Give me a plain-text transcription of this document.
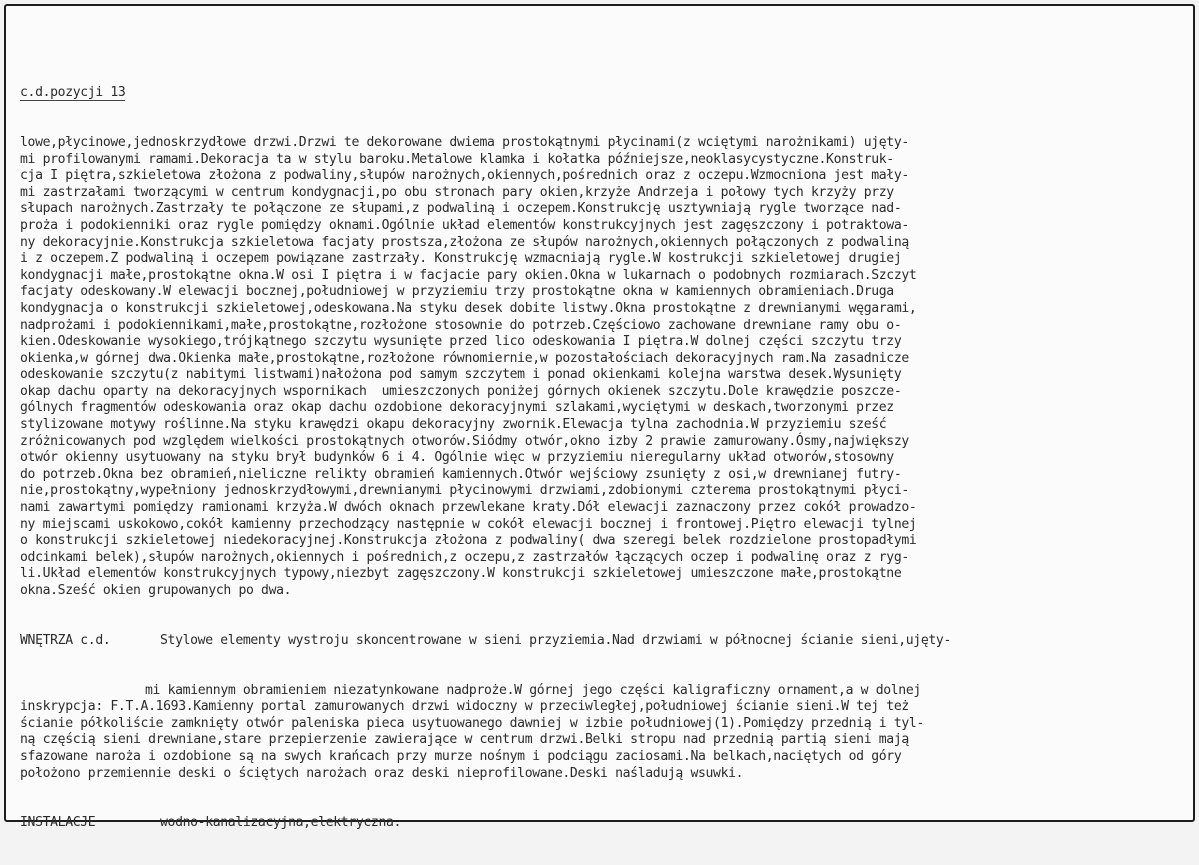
c.d.pozycji 13

lowe,płycinowe,jednoskrzydłowe drzwi.Drzwi te dekorowane dwiema prostokątnymi płycinami(z wciętymi narożnikami) ujęty-
mi profilowanymi ramami.Dekoracja ta w stylu baroku.Metalowe klamka i kołatka późniejsze,neoklasycystyczne.Konstruk-
cja I piętra,szkieletowa złożona z podwaliny,słupów narożnych,okiennych,pośrednich oraz z oczepu.Wzmocniona jest mały-
mi zastrzałami tworzącymi w centrum kondygnacji,po obu stronach pary okien,krzyże Andrzeja i połowy tych krzyży przy
słupach narożnych.Zastrzały te połączone ze słupami,z podwaliną i oczepem.Konstrukcję usztywniają rygle tworzące nad-
proża i podokienniki oraz rygle pomiędzy oknami.Ogólnie układ elementów konstrukcyjnych jest zagęszczony i potraktowa-
ny dekoracyjnie.Konstrukcja szkieletowa facjaty prostsza,złożona ze słupów narożnych,okiennych połączonych z podwaliną
i z oczepem.Z podwaliną i oczepem powiązane zastrzały. Konstrukcję wzmacniają rygle.W kostrukcji szkieletowej drugiej
kondygnacji małe,prostokątne okna.W osi I piętra i w facjacie pary okien.Okna w lukarnach o podobnych rozmiarach.Szczyt
facjaty odeskowany.W elewacji bocznej,południowej w przyziemiu trzy prostokątne okna w kamiennych obramieniach.Druga
kondygnacja o konstrukcji szkieletowej,odeskowana.Na styku desek dobite listwy.Okna prostokątne z drewnianymi węgarami,
nadprożami i podokiennikami,małe,prostokątne,rozłożone stosownie do potrzeb.Częściowo zachowane drewniane ramy obu o-
kien.Odeskowanie wysokiego,trójkątnego szczytu wysunięte przed lico odeskowania I piętra.W dolnej części szczytu trzy
okienka,w górnej dwa.Okienka małe,prostokątne,rozłożone równomiernie,w pozostałościach dekoracyjnych ram.Na zasadnicze
odeskowanie szczytu(z nabitymi listwami)nałożona pod samym szczytem i ponad okienkami kolejna warstwa desek.Wysunięty
okap dachu oparty na dekoracyjnych wspornikach  umieszczonych poniżej górnych okienek szczytu.Dole krawędzie poszcze-
gólnych fragmentów odeskowania oraz okap dachu ozdobione dekoracyjnymi szlakami,wyciętymi w deskach,tworzonymi przez
stylizowane motywy roślinne.Na styku krawędzi okapu dekoracyjny zwornik.Elewacja tylna zachodnia.W przyziemiu sześć
zróżnicowanych pod względem wielkości prostokątnych otworów.Siódmy otwór,okno izby 2 prawie zamurowany.Ósmy,największy
otwór okienny usytuowany na styku brył budynków 6 i 4. Ogólnie więc w przyziemiu nieregularny układ otworów,stosowny
do potrzeb.Okna bez obramień,nieliczne relikty obramień kamiennych.Otwór wejściowy zsunięty z osi,w drewnianej futry-
nie,prostokątny,wypełniony jednoskrzydłowymi,drewnianymi płycinowymi drzwiami,zdobionymi czterema prostokątnymi płyci-
nami zawartymi pomiędzy ramionami krzyża.W dwóch oknach przewlekane kraty.Dół elewacji zaznaczony przez cokół prowadzo-
ny miejscami uskokowo,cokół kamienny przechodzący następnie w cokół elewacji bocznej i frontowej.Piętro elewacji tylnej
o konstrukcji szkieletowej niedekoracyjnej.Konstrukcja złożona z podwaliny( dwa szeregi belek rozdzielone prostopadłymi
odcinkami belek),słupów narożnych,okiennych i pośrednich,z oczepu,z zastrzałów łączących oczep i podwalinę oraz z ryg-
li.Układ elementów konstrukcyjnych typowy,niezbyt zagęszczony.W konstrukcji szkieletowej umieszczone małe,prostokątne
okna.Sześć okien grupowanych po dwa.

WNĘTRZA c.d.	Stylowe elementy wystroju skoncentrowane w sieni przyziemia.Nad drzwiami w północnej ścianie sieni,ujęty-

mi kamiennym obramieniem niezatynkowane nadproże.W górnej jego części kaligraficzny ornament,a w dolnej
inskrypcja: F.T.A.1693.Kamienny portal zamurowanych drzwi widoczny w przeciwległej,południowej ścianie sieni.W tej też
ścianie półkoliście zamknięty otwór paleniska pieca usytuowanego dawniej w izbie południowej(1).Pomiędzy przednią i tyl-
ną częścią sieni drewniane,stare przepierzenie zawierające w centrum drzwi.Belki stropu nad przednią partią sieni mają
sfazowane naroża i ozdobione są na swych krańcach przy murze nośnym i podciągu zaciosami.Na belkach,naciętych od góry
położono przemiennie deski o ściętych narożach oraz deski nieprofilowane.Deski naśladują wsuwki.

INSTALACJE	wodno-kanalizacyjna,elektryczna.
